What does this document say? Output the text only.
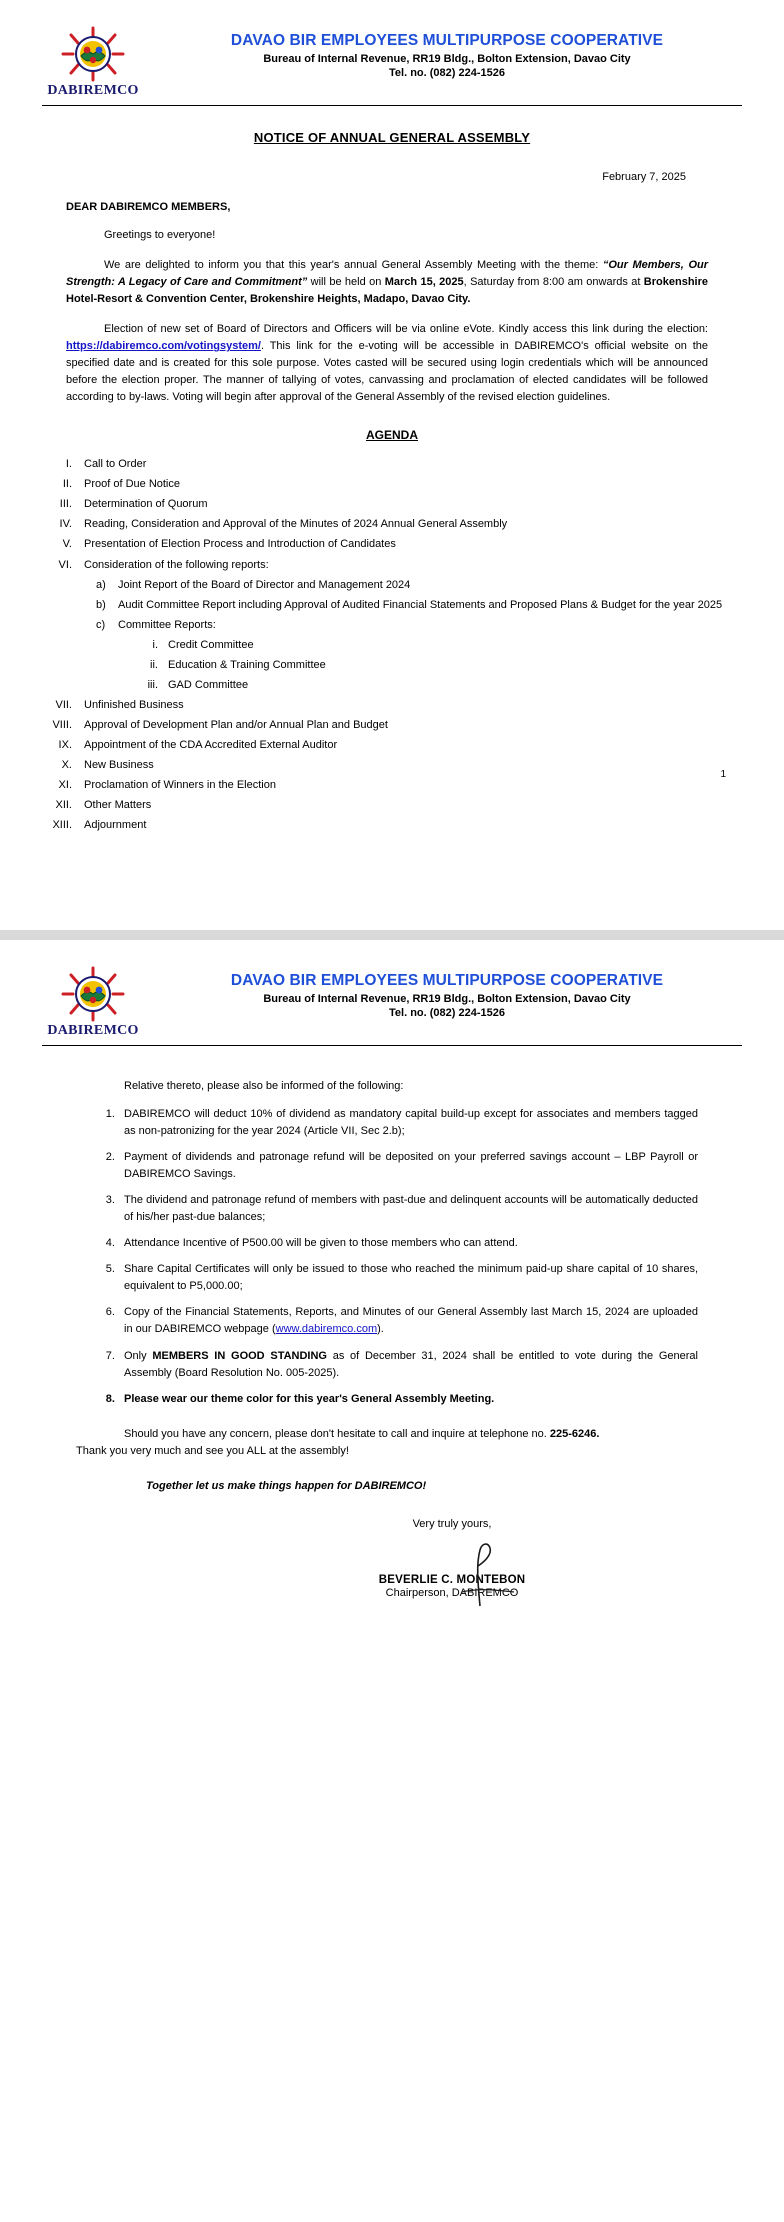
DABIREMCO
DAVAO BIR EMPLOYEES MULTIPURPOSE COOPERATIVE
Bureau of Internal Revenue, RR19 Bldg., Bolton Extension, Davao City
Tel. no. (082) 224-1526
NOTICE OF ANNUAL GENERAL ASSEMBLY
February 7, 2025
DEAR DABIREMCO MEMBERS,

Greetings to everyone!

We are delighted to inform you that this year's annual General Assembly Meeting with the theme: “Our Members, Our Strength: A Legacy of Care and Commitment” will be held on March 15, 2025, Saturday from 8:00 am onwards at Brokenshire Hotel-Resort & Convention Center, Brokenshire Heights, Madapo, Davao City.

Election of new set of Board of Directors and Officers will be via online eVote. Kindly access this link during the election: https://dabiremco.com/votingsystem/. This link for the e-voting will be accessible in DABIREMCO's official website on the specified date and is created for this sole purpose. Votes casted will be secured using login credentials which will be announced before the election proper. The manner of tallying of votes, canvassing and proclamation of elected candidates will be followed according to by-laws. Voting will begin after approval of the General Assembly of the revised election guidelines.

AGENDA
I.	Call to Order
II.	Proof of Due Notice
III.	Determination of Quorum
IV.	Reading, Consideration and Approval of the Minutes of 2024 Annual General Assembly
V.	Presentation of Election Process and Introduction of Candidates
VI.	Consideration of the following reports:
a)	Joint Report of the Board of Director and Management 2024
b)	Audit Committee Report including Approval of Audited Financial Statements and Proposed Plans & Budget for the year 2025
c)	Committee Reports:
i. Credit Committee
ii. Education & Training Committee
iii. GAD Committee
VII.	Unfinished Business
VIII.	Approval of Development Plan and/or Annual Plan and Budget
IX.	Appointment of the CDA Accredited External Auditor
X.	New Business
XI.	Proclamation of Winners in the Election
XII.	Other Matters
XIII.	Adjournment
1
DABIREMCO
DAVAO BIR EMPLOYEES MULTIPURPOSE COOPERATIVE
Bureau of Internal Revenue, RR19 Bldg., Bolton Extension, Davao City
Tel. no. (082) 224-1526
Relative thereto, please also be informed of the following:
1. DABIREMCO will deduct 10% of dividend as mandatory capital build-up except for associates and members tagged as non-patronizing for the year 2024 (Article VII, Sec 2.b);
2. Payment of dividends and patronage refund will be deposited on your preferred savings account – LBP Payroll or DABIREMCO Savings.
3. The dividend and patronage refund of members with past-due and delinquent accounts will be automatically deducted of his/her past-due balances;
4. Attendance Incentive of P500.00 will be given to those members who can attend.
5. Share Capital Certificates will only be issued to those who reached the minimum paid-up share capital of 10 shares, equivalent to P5,000.00;
6. Copy of the Financial Statements, Reports, and Minutes of our General Assembly last March 15, 2024 are uploaded in our DABIREMCO webpage (www.dabiremco.com).
7. Only MEMBERS IN GOOD STANDING as of December 31, 2024 shall be entitled to vote during the General Assembly (Board Resolution No. 005-2025).
8. Please wear our theme color for this year's General Assembly Meeting.
Should you have any concern, please don't hesitate to call and inquire at telephone no. 225-6246.
Thank you very much and see you ALL at the assembly!
Together let us make things happen for DABIREMCO!
Very truly yours,
BEVERLIE C. MONTEBON
Chairperson, DABIREMCO
